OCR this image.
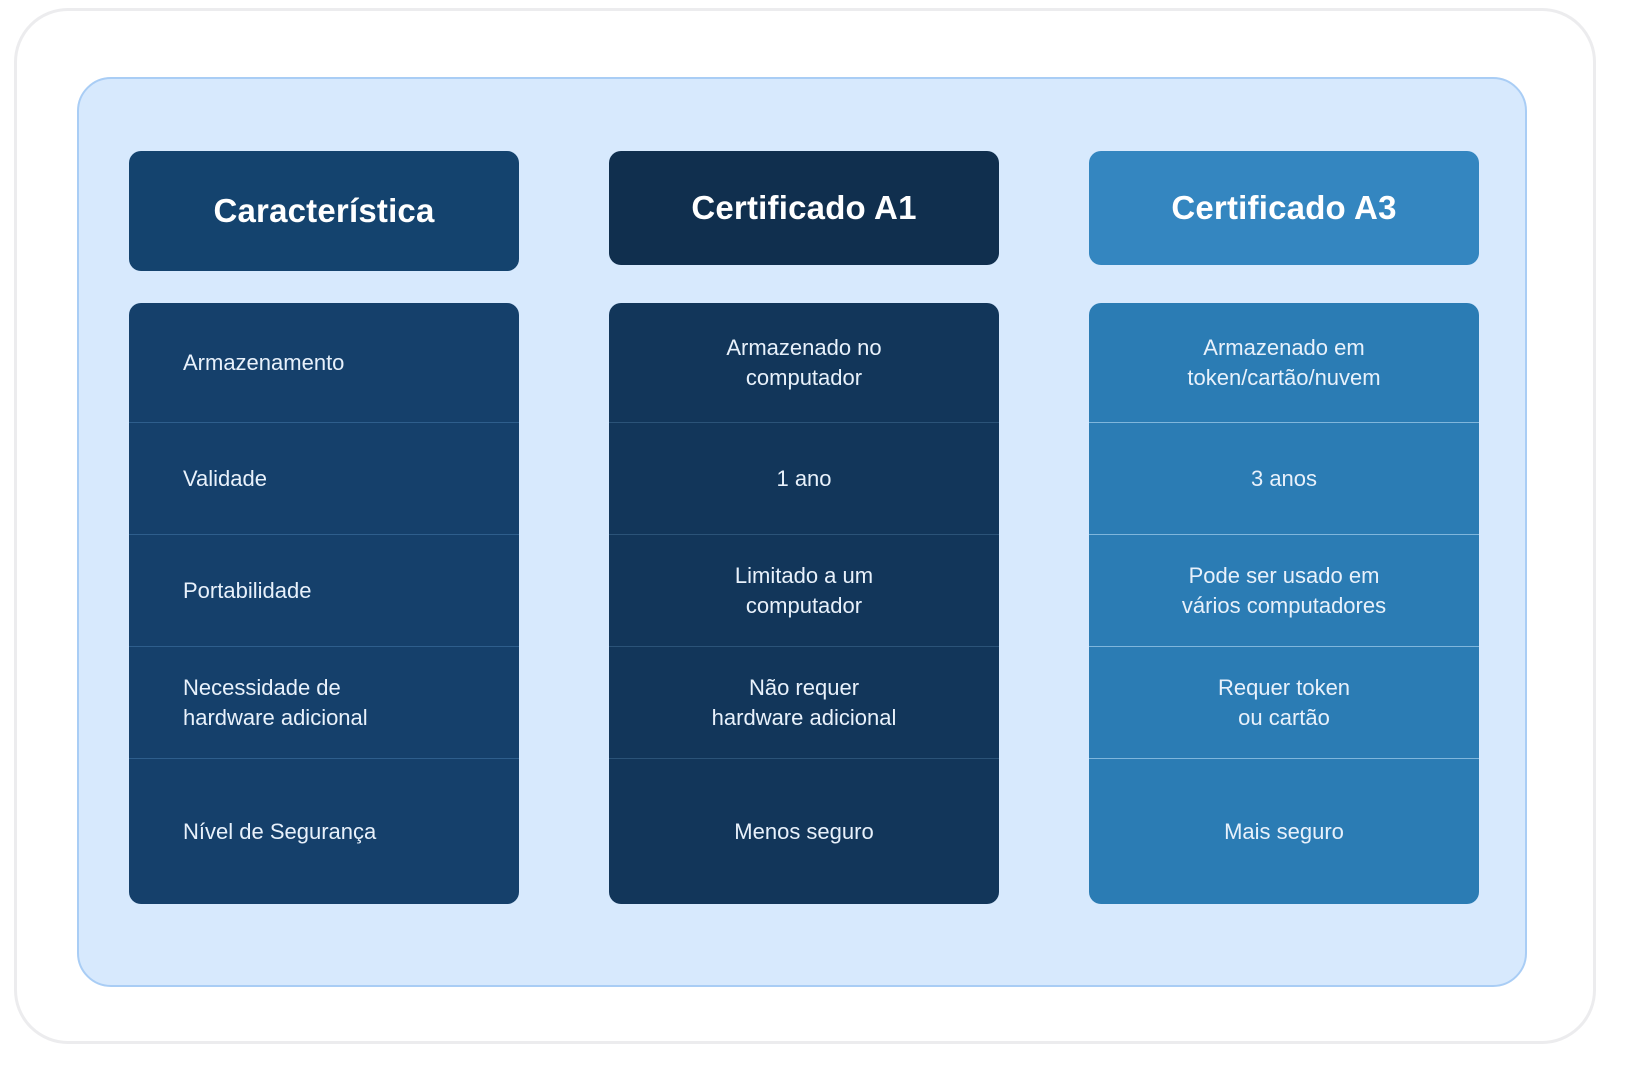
Característica
Armazenamento
Validade
Portabilidade
Necessidade de
hardware adicional
Nível de Segurança
Certificado A1
Armazenado no
computador
1 ano
Limitado a um
computador
Não requer
hardware adicional
Menos seguro
Certificado A3
Armazenado em
token/cartão/nuvem
3 anos
Pode ser usado em
vários computadores
Requer token
ou cartão
Mais seguro
